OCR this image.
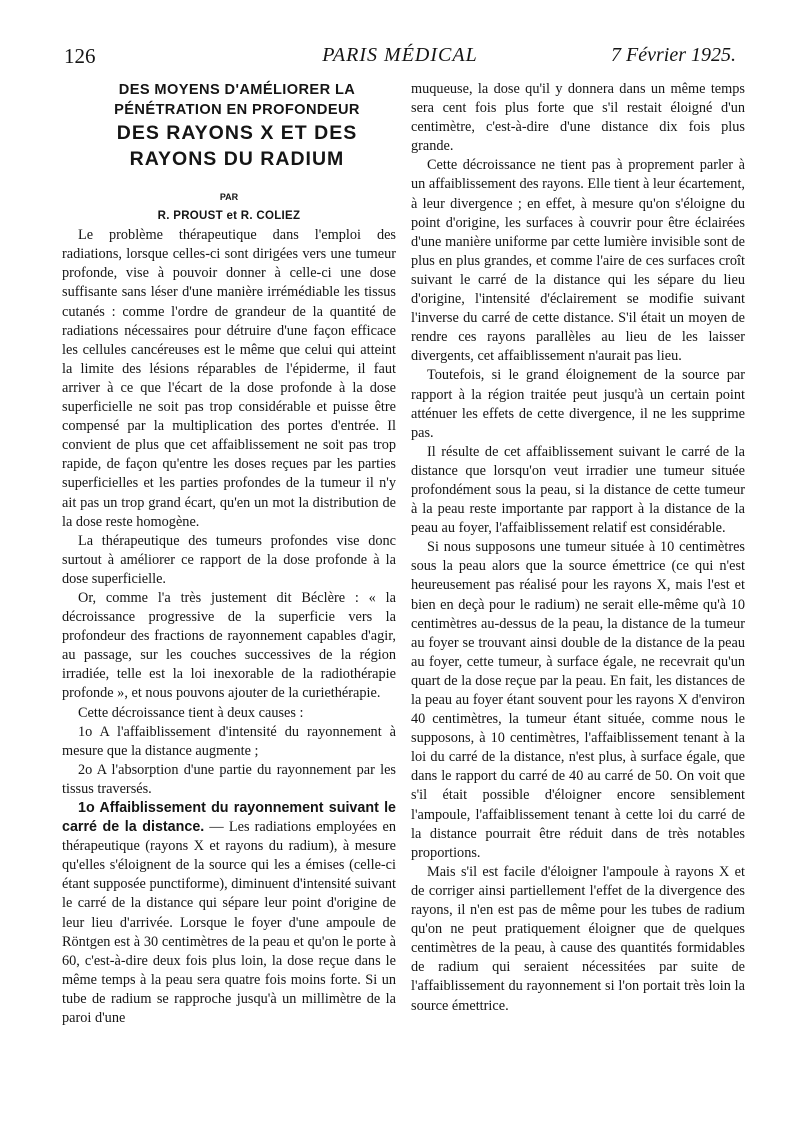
126	PARIS MÉDICAL	7 Février 1925.

DES MOYENS D'AMÉLIORER LA

PÉNÉTRATION EN PROFONDEUR

DES RAYONS X ET DES

RAYONS DU RADIUM

PAR

R. PROUST et R. COLIEZ

Le problème thérapeutique dans l'emploi des radiations, lorsque celles-ci sont dirigées vers une tumeur profonde, vise à pouvoir donner à celle-ci une dose suffisante sans léser d'une manière irrémédiable les tissus cutanés : comme l'ordre de grandeur de la quantité de radiations nécessaires pour détruire d'une façon efficace les cellules cancéreuses est le même que celui qui atteint la limite des lésions réparables de l'épiderme, il faut arriver à ce que l'écart de la dose profonde à la dose superficielle ne soit pas trop considérable et puisse être compensé par la multiplication des portes d'entrée. Il convient de plus que cet affaiblissement ne soit pas trop rapide, de façon qu'entre les doses reçues par les parties superficielles et les parties profondes de la tumeur il n'y ait pas un trop grand écart, qu'en un mot la distribution de la dose reste homogène.

La thérapeutique des tumeurs profondes vise donc surtout à améliorer ce rapport de la dose profonde à la dose superficielle.

Or, comme l'a très justement dit Béclère : « la décroissance progressive de la superficie vers la profondeur des fractions de rayonnement capables d'agir, au passage, sur les couches successives de la région irradiée, telle est la loi inexorable de la radiothérapie profonde », et nous pouvons ajouter de la curiethérapie.

Cette décroissance tient à deux causes :

1o A l'affaiblissement d'intensité du rayonnement à mesure que la distance augmente ;

2o A l'absorption d'une partie du rayonnement par les tissus traversés.

1o Affaiblissement du rayonnement suivant le carré de la distance. — Les radiations employées en thérapeutique (rayons X et rayons du radium), à mesure qu'elles s'éloignent de la source qui les a émises (celle-ci étant supposée punctiforme), diminuent d'intensité suivant le carré de la distance qui sépare leur point d'origine de leur lieu d'arrivée. Lorsque le foyer d'une ampoule de Röntgen est à 30 centimètres de la peau et qu'on le porte à 60, c'est-à-dire deux fois plus loin, la dose reçue dans le même temps à la peau sera quatre fois moins forte. Si un tube de radium se rapproche jusqu'à un millimètre de la paroi d'une

muqueuse, la dose qu'il y donnera dans un même temps sera cent fois plus forte que s'il restait éloigné d'un centimètre, c'est-à-dire d'une distance dix fois plus grande.

Cette décroissance ne tient pas à proprement parler à un affaiblissement des rayons. Elle tient à leur écartement, à leur divergence ; en effet, à mesure qu'on s'éloigne du point d'origine, les surfaces à couvrir pour être éclairées d'une manière uniforme par cette lumière invisible sont de plus en plus grandes, et comme l'aire de ces surfaces croît suivant le carré de la distance qui les sépare du lieu d'origine, l'intensité d'éclairement se modifie suivant l'inverse du carré de cette distance. S'il était un moyen de rendre ces rayons parallèles au lieu de les laisser divergents, cet affaiblissement n'aurait pas lieu.

Toutefois, si le grand éloignement de la source par rapport à la région traitée peut jusqu'à un certain point atténuer les effets de cette divergence, il ne les supprime pas.

Il résulte de cet affaiblissement suivant le carré de la distance que lorsqu'on veut irradier une tumeur située profondément sous la peau, si la distance de cette tumeur à la peau reste importante par rapport à la distance de la peau au foyer, l'affaiblissement relatif est considérable.

Si nous supposons une tumeur située à 10 centimètres sous la peau alors que la source émettrice (ce qui n'est heureusement pas réalisé pour les rayons X, mais l'est et bien en deçà pour le radium) ne serait elle-même qu'à 10 centimètres au-dessus de la peau, la distance de la tumeur au foyer se trouvant ainsi double de la distance de la peau au foyer, cette tumeur, à surface égale, ne recevrait qu'un quart de la dose reçue par la peau. En fait, les distances de la peau au foyer étant souvent pour les rayons X d'environ 40 centimètres, la tumeur étant située, comme nous le supposons, à 10 centimètres, l'affaiblissement tenant à la loi du carré de la distance, n'est plus, à surface égale, que dans le rapport du carré de 40 au carré de 50. On voit que s'il était possible d'éloigner encore sensiblement l'ampoule, l'affaiblissement tenant à cette loi du carré de la distance pourrait être réduit dans de très notables proportions.

Mais s'il est facile d'éloigner l'ampoule à rayons X et de corriger ainsi partiellement l'effet de la divergence des rayons, il n'en est pas de même pour les tubes de radium qu'on ne peut pratiquement éloigner que de quelques centimètres de la peau, à cause des quantités formidables de radium qui seraient nécessitées par suite de l'affaiblissement du rayonnement si l'on portait très loin la source émettrice.
